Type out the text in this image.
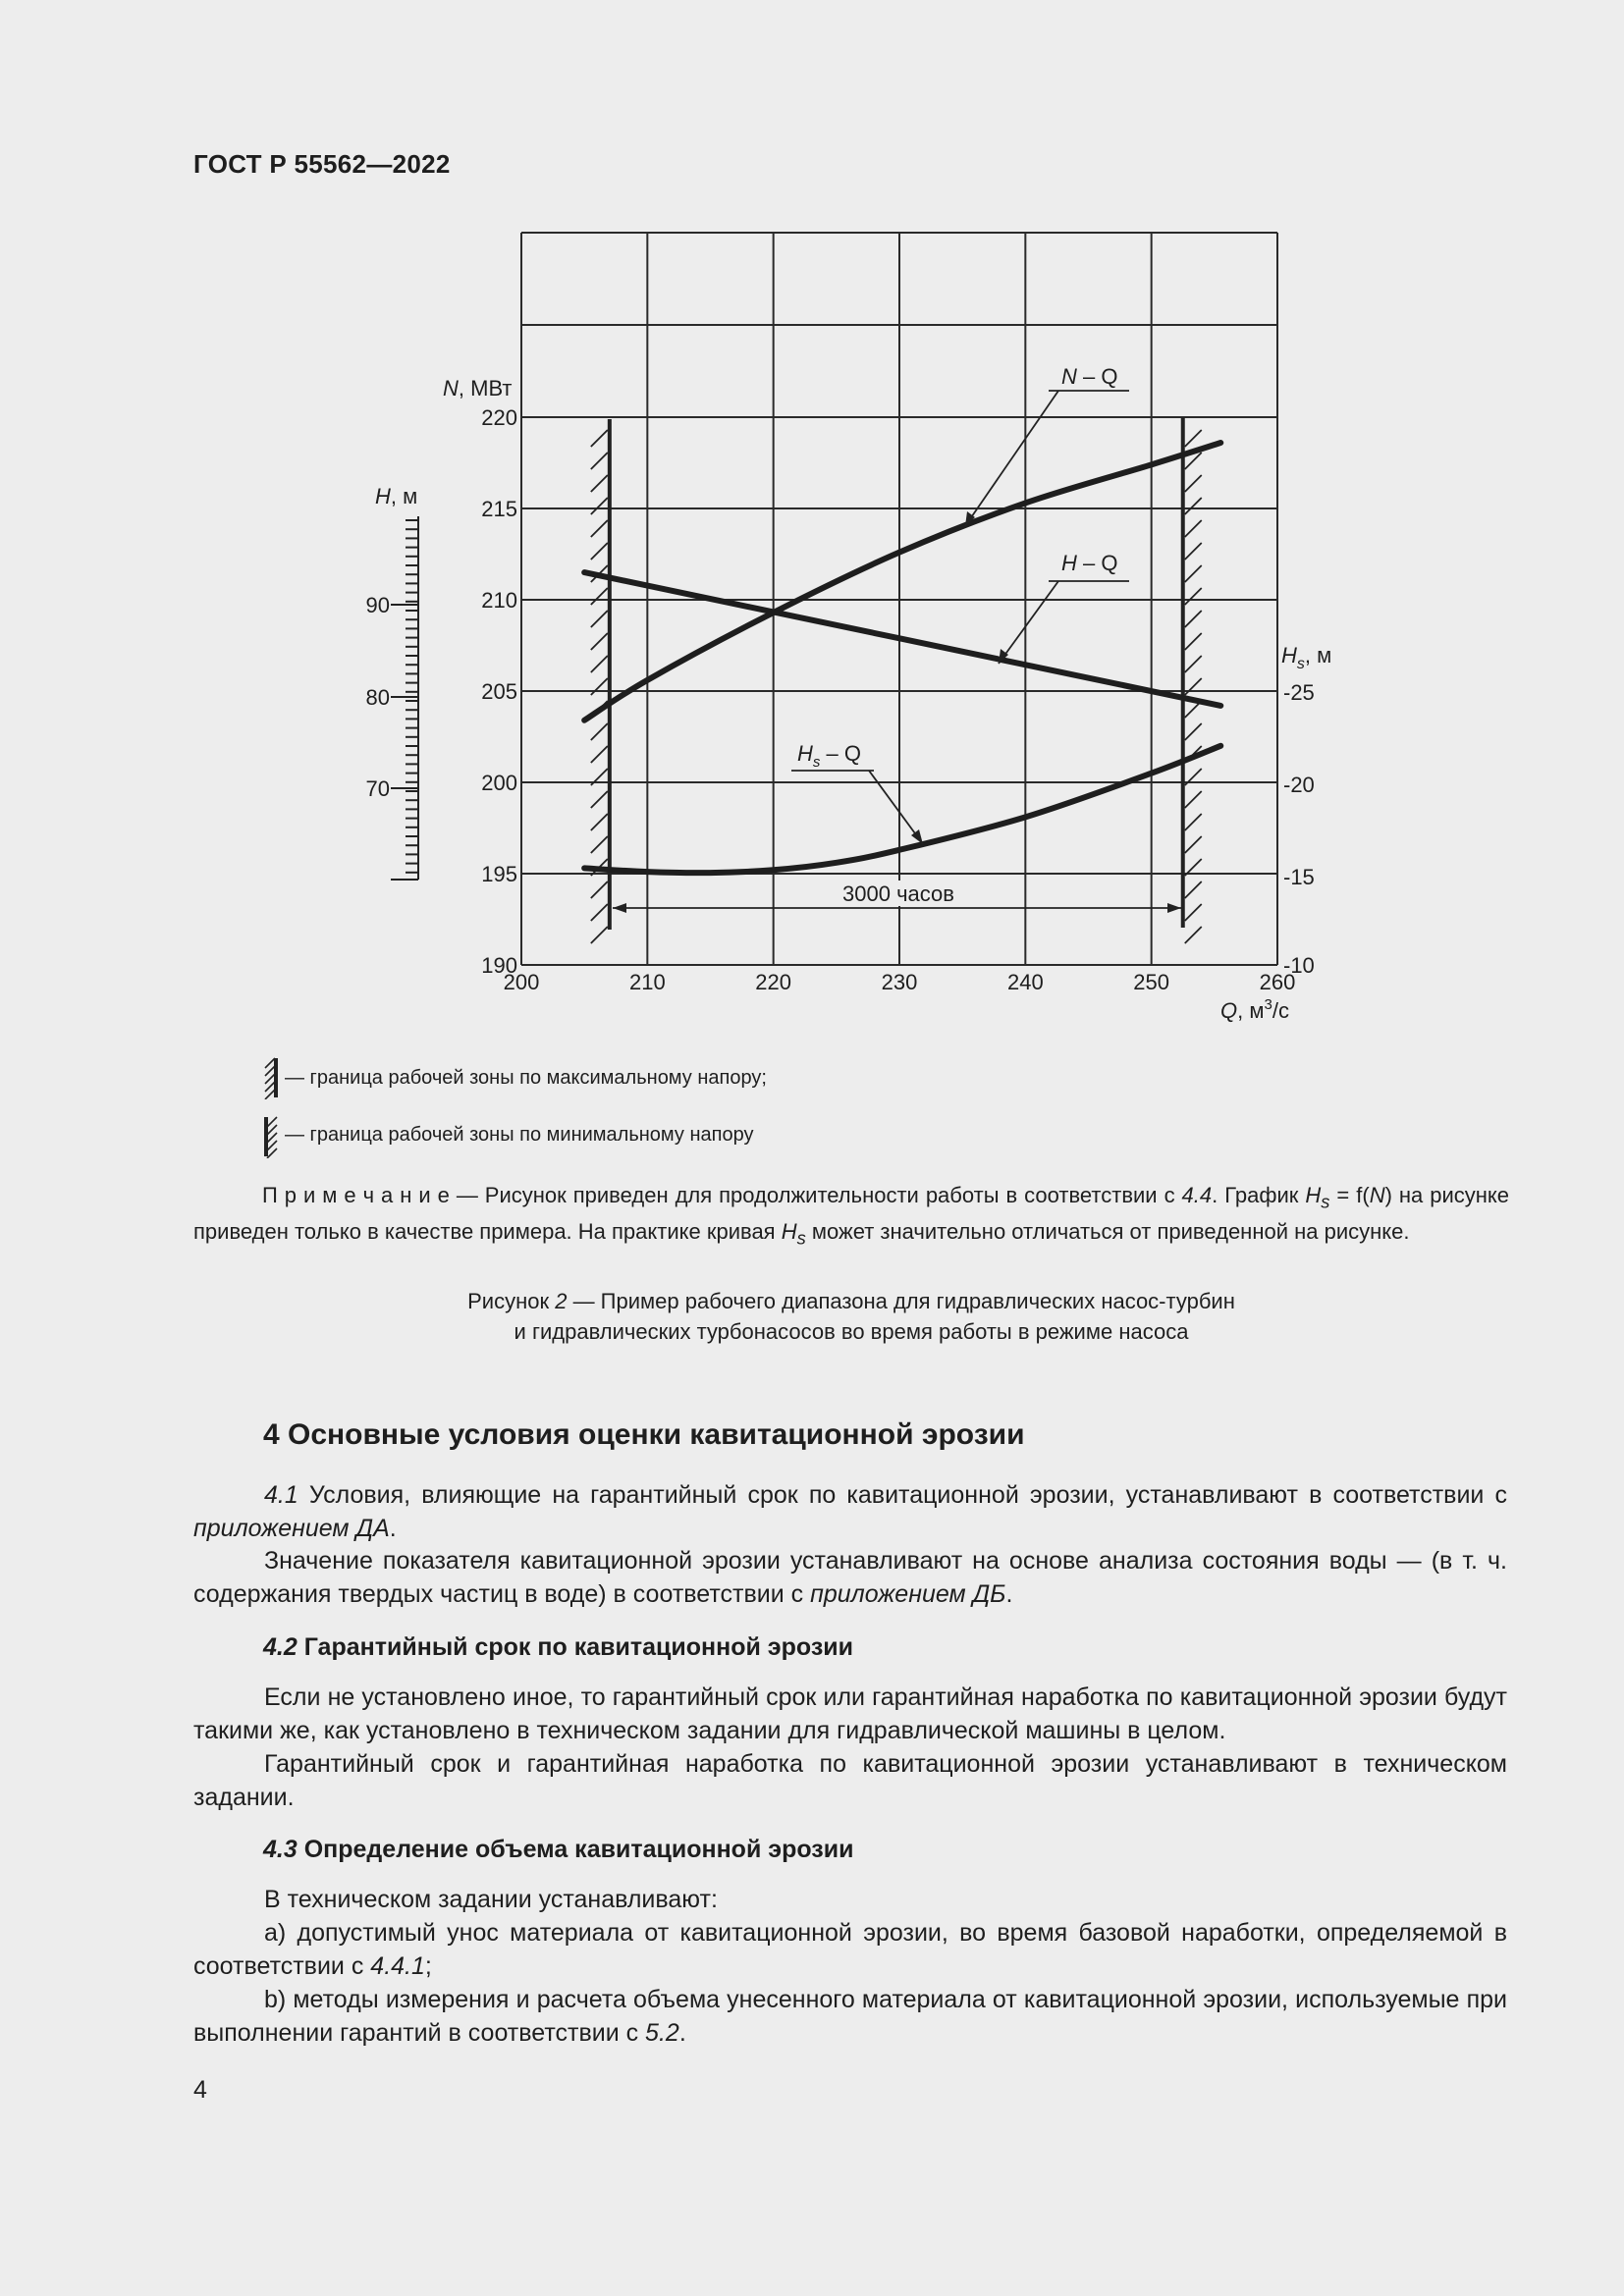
ГОСТ Р 55562—2022
200	210	220	230	240	250	260
190
195
200
205
210
215
220
-10
-15
-20
-25
70
80
90
N, МВт
H, м
$H_s$, м
Q, $м^3/с$
N – Q
H – Q
$H_s$ – Q
3000 часов
— граница рабочей зоны по максимальному напору;
— граница рабочей зоны по минимальному напору
П р и м е ч а н и е — Рисунок приведен для продолжительности работы в соответствии с 4.4. График $H_s = f(N)$ на рисунке приведен только в качестве примера. На практике кривая $H_s$ может значительно отличаться от приведенной на рисунке.
Рисунок 2 — Пример рабочего диапазона для гидравлических насос-турбин
и гидравлических турбонасосов во время работы в режиме насоса
4 Основные условия оценки кавитационной эрозии
4.1 Условия, влияющие на гарантийный срок по кавитационной эрозии, устанавливают в соответствии с приложением ДА.
Значение показателя кавитационной эрозии устанавливают на основе анализа состояния воды — (в т. ч. содержания твердых частиц в воде) в соответствии с приложением ДБ.
4.2 Гарантийный срок по кавитационной эрозии
Если не установлено иное, то гарантийный срок или гарантийная наработка по кавитационной эрозии будут такими же, как установлено в техническом задании для гидравлической машины в целом.
Гарантийный срок и гарантийная наработка по кавитационной эрозии устанавливают в техническом задании.
4.3 Определение объема кавитационной эрозии
В техническом задании устанавливают:
а) допустимый унос материала от кавитационной эрозии, во время базовой наработки, определяемой в соответствии с 4.4.1;
b) методы измерения и расчета объема унесенного материала от кавитационной эрозии, используемые при выполнении гарантий в соответствии с 5.2.
4
